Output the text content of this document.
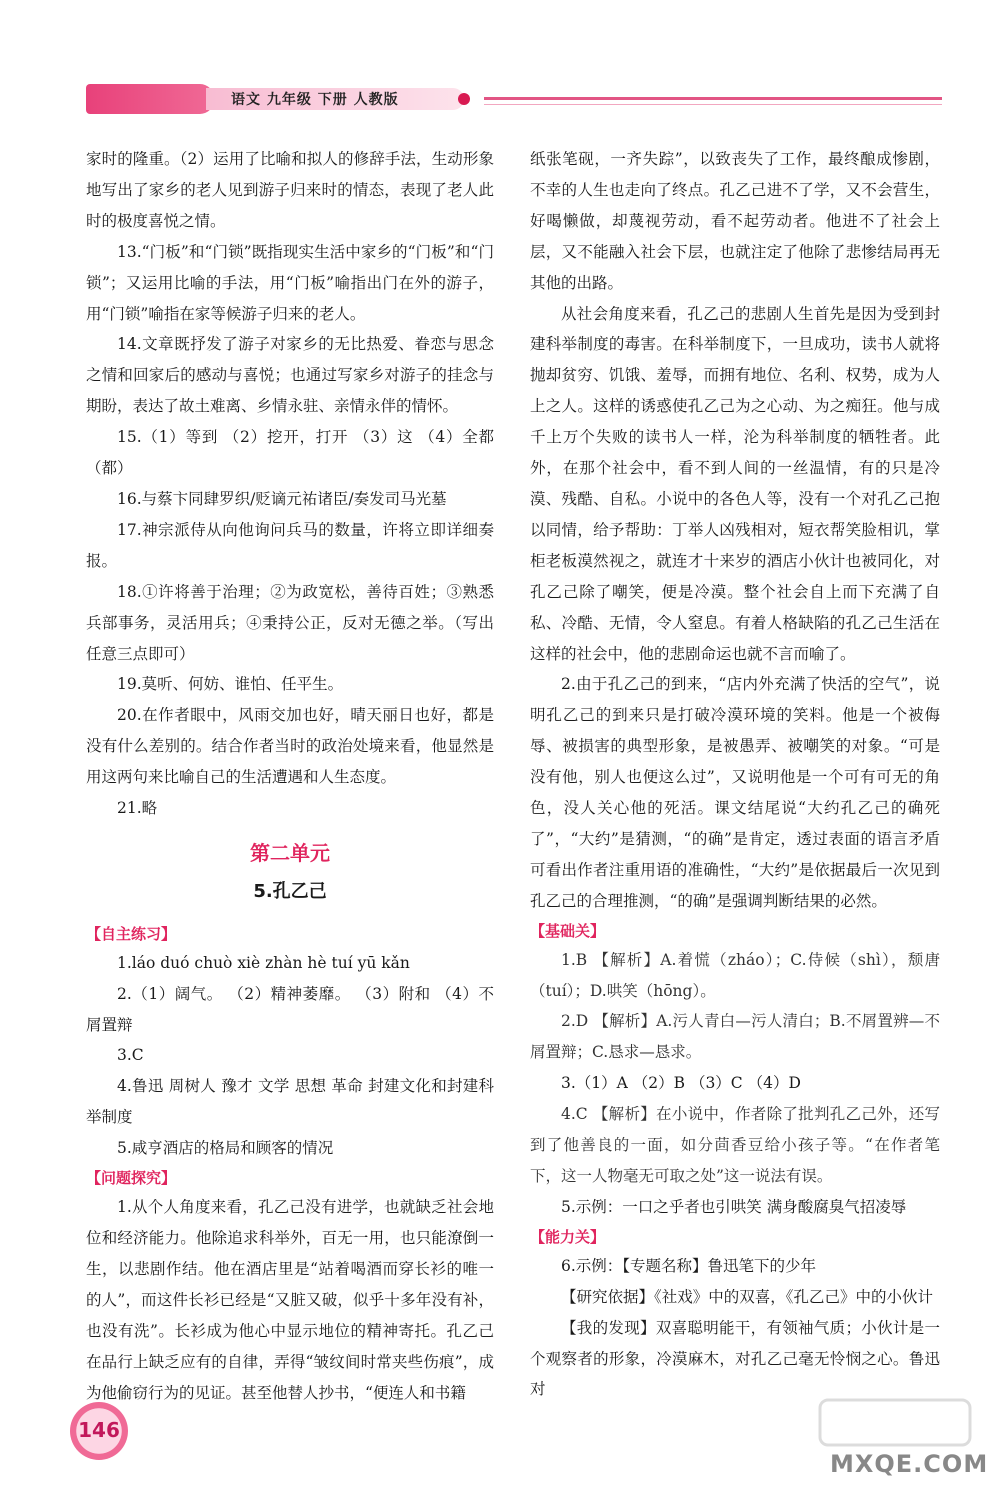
语文 九年级 下册 人教版

家时的隆重。（2）运用了比喻和拟人的修辞手法，生动形象地写出了家乡的老人见到游子归来时的情态，表现了老人此时的极度喜悦之情。

13.“门板”和“门锁”既指现实生活中家乡的“门板”和“门锁”；又运用比喻的手法，用“门板”喻指出门在外的游子，用“门锁”喻指在家等候游子归来的老人。

14.文章既抒发了游子对家乡的无比热爱、眷恋与思念之情和回家后的感动与喜悦；也通过写家乡对游子的挂念与期盼，表达了故土难离、乡情永驻、亲情永伴的情怀。

15.（1）等到 （2）挖开，打开 （3）这 （4）全都（都）

16.与蔡卞同肆罗织/贬谪元祐诸臣/奏发司马光墓

17.神宗派侍从向他询问兵马的数量，许将立即详细奏报。

18.①许将善于治理；②为政宽松，善待百姓；③熟悉兵部事务，灵活用兵；④秉持公正，反对无德之举。（写出任意三点即可）

19.莫听、何妨、谁怕、任平生。

20.在作者眼中，风雨交加也好，晴天丽日也好，都是没有什么差别的。结合作者当时的政治处境来看，他显然是用这两句来比喻自己的生活遭遇和人生态度。

21.略

第二单元
5.孔乙己
【自主练习】

1.láo duó chuò xiè zhàn hè tuí yū kǎn

2.（1）阔气。 （2）精神萎靡。 （3）附和 （4）不屑置辩

3.C

4.鲁迅 周树人 豫才 文学 思想 革命 封建文化和封建科举制度

5.咸亨酒店的格局和顾客的情况

【问题探究】

1.从个人角度来看，孔乙己没有进学，也就缺乏社会地位和经济能力。他除追求科举外，百无一用，也只能潦倒一生，以悲剧作结。他在酒店里是“站着喝酒而穿长衫的唯一的人”，而这件长衫已经是“又脏又破，似乎十多年没有补，也没有洗”。长衫成为他心中显示地位的精神寄托。孔乙己在品行上缺乏应有的自律，弄得“皱纹间时常夹些伤痕”，成为他偷窃行为的见证。甚至他替人抄书，“便连人和书籍

纸张笔砚，一齐失踪”，以致丧失了工作，最终酿成惨剧，不幸的人生也走向了终点。孔乙己进不了学，又不会营生，好喝懒做，却蔑视劳动，看不起劳动者。他进不了社会上层，又不能融入社会下层，也就注定了他除了悲惨结局再无其他的出路。

从社会角度来看，孔乙己的悲剧人生首先是因为受到封建科举制度的毒害。在科举制度下，一旦成功，读书人就将抛却贫穷、饥饿、羞辱，而拥有地位、名利、权势，成为人上之人。这样的诱惑使孔乙己为之心动、为之痴狂。他与成千上万个失败的读书人一样，沦为科举制度的牺牲者。此外，在那个社会中，看不到人间的一丝温情，有的只是冷漠、残酷、自私。小说中的各色人等，没有一个对孔乙己抱以同情，给予帮助：丁举人凶残相对，短衣帮笑脸相讥，掌柜老板漠然视之，就连才十来岁的酒店小伙计也被同化，对孔乙己除了嘲笑，便是冷漠。整个社会自上而下充满了自私、冷酷、无情，令人窒息。有着人格缺陷的孔乙己生活在这样的社会中，他的悲剧命运也就不言而喻了。

2.由于孔乙己的到来，“店内外充满了快活的空气”，说明孔乙己的到来只是打破冷漠环境的笑料。他是一个被侮辱、被损害的典型形象，是被愚弄、被嘲笑的对象。“可是没有他，别人也便这么过”，又说明他是一个可有可无的角色，没人关心他的死活。课文结尾说“大约孔乙己的确死了”，“大约”是猜测，“的确”是肯定，透过表面的语言矛盾可看出作者注重用语的准确性，“大约”是依据最后一次见到孔乙己的合理推测，“的确”是强调判断结果的必然。

【基础关】

1.B 【解析】A.着慌（zháo）；C.侍候（shì），颓唐（tuí）；D.哄笑（hōng）。

2.D 【解析】A.污人青白—污人清白；B.不屑置辨—不屑置辩；C.恳求—恳求。

3.（1）A （2）B （3）C （4）D

4.C 【解析】在小说中，作者除了批判孔乙己外，还写到了他善良的一面，如分茴香豆给小孩子等。“在作者笔下，这一人物毫无可取之处”这一说法有误。

5.示例：一口之乎者也引哄笑 满身酸腐臭气招凌辱

【能力关】

6.示例：【专题名称】鲁迅笔下的少年

【研究依据】《社戏》中的双喜，《孔乙己》中的小伙计

【我的发现】双喜聪明能干，有领袖气质；小伙计是一个观察者的形象，冷漠麻木，对孔乙己毫无怜悯之心。鲁迅对

146
MXQE.COM
